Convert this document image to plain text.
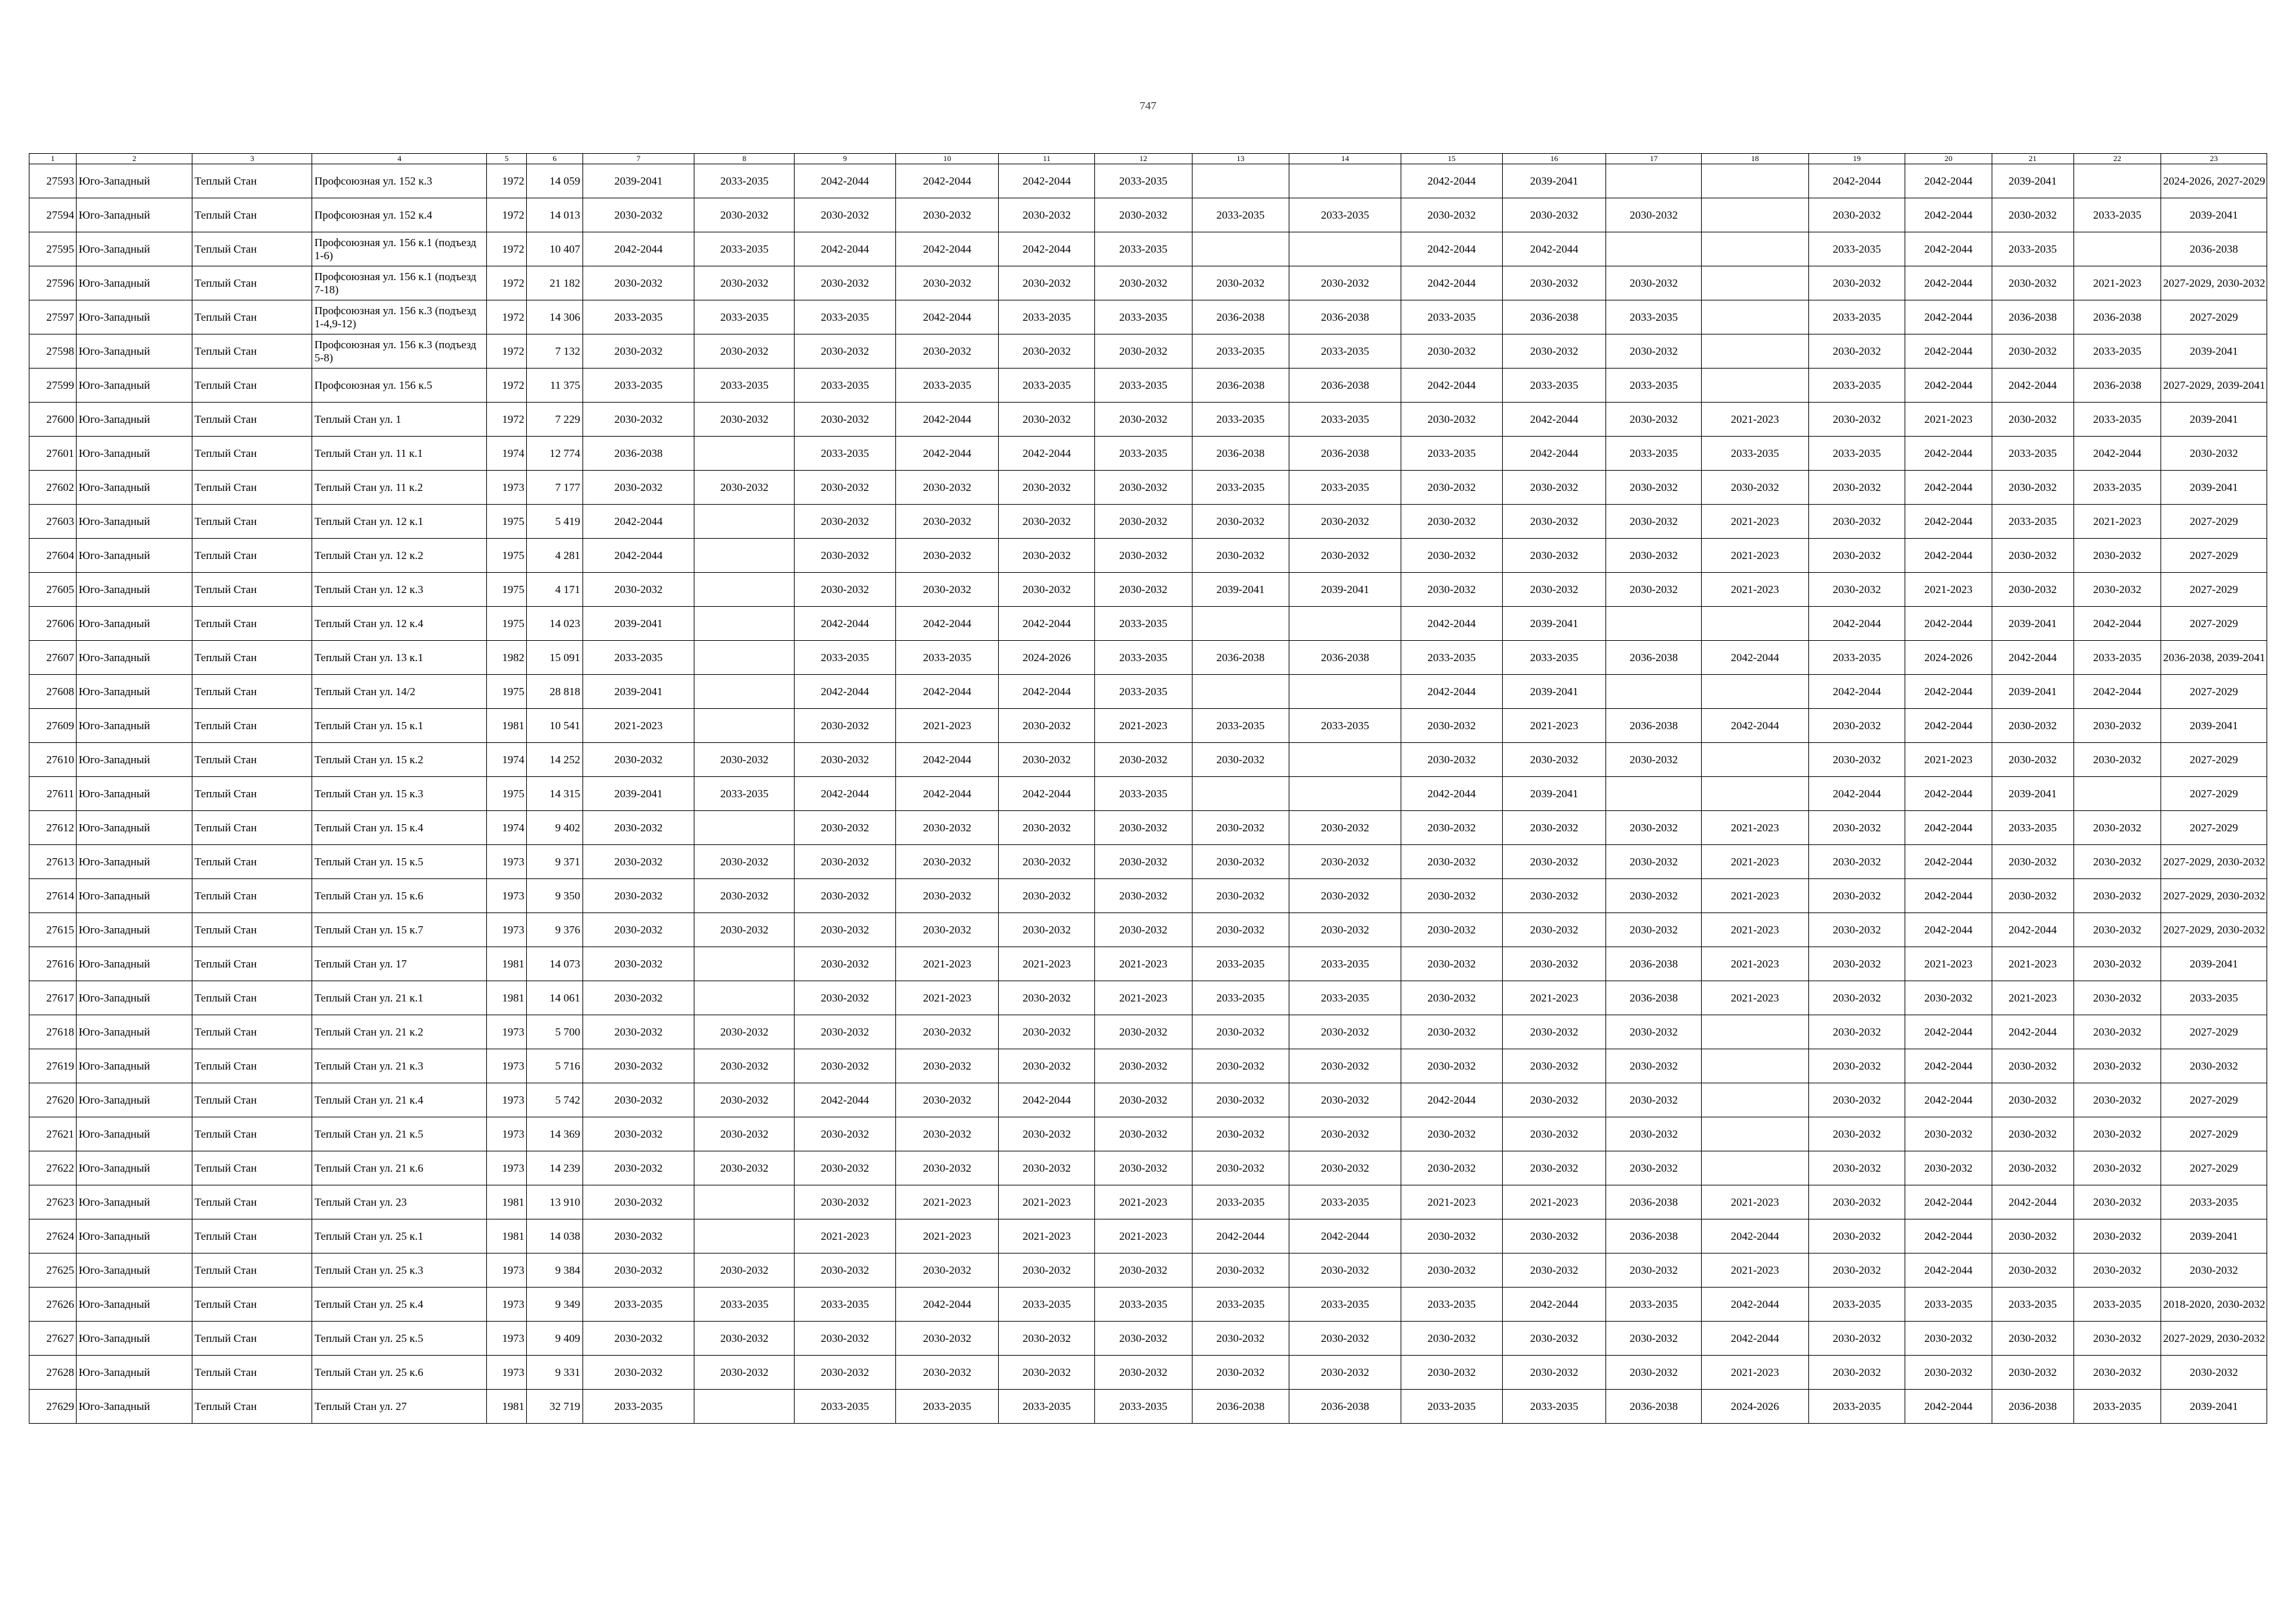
747
1	2	3	4	5	6	7	8	9	10	11	12	13	14	15	16	17	18	19	20	21	22	23
27593	Юго-Западный	Теплый Стан	Профсоюзная ул. 152 к.3	1972	14 059	2039-2041	2033-2035	2042-2044	2042-2044	2042-2044	2033-2035			2042-2044	2039-2041			2042-2044	2042-2044	2039-2041		2024-2026, 2027-2029
27594	Юго-Западный	Теплый Стан	Профсоюзная ул. 152 к.4	1972	14 013	2030-2032	2030-2032	2030-2032	2030-2032	2030-2032	2030-2032	2033-2035	2033-2035	2030-2032	2030-2032	2030-2032		2030-2032	2042-2044	2030-2032	2033-2035	2039-2041
27595	Юго-Западный	Теплый Стан	Профсоюзная ул. 156 к.1 (подъезд 1-6)	1972	10 407	2042-2044	2033-2035	2042-2044	2042-2044	2042-2044	2033-2035			2042-2044	2042-2044			2033-2035	2042-2044	2033-2035		2036-2038
27596	Юго-Западный	Теплый Стан	Профсоюзная ул. 156 к.1 (подъезд 7-18)	1972	21 182	2030-2032	2030-2032	2030-2032	2030-2032	2030-2032	2030-2032	2030-2032	2030-2032	2042-2044	2030-2032	2030-2032		2030-2032	2042-2044	2030-2032	2021-2023	2027-2029, 2030-2032
27597	Юго-Западный	Теплый Стан	Профсоюзная ул. 156 к.3 (подъезд 1-4,9-12)	1972	14 306	2033-2035	2033-2035	2033-2035	2042-2044	2033-2035	2033-2035	2036-2038	2036-2038	2033-2035	2036-2038	2033-2035		2033-2035	2042-2044	2036-2038	2036-2038	2027-2029
27598	Юго-Западный	Теплый Стан	Профсоюзная ул. 156 к.3 (подъезд 5-8)	1972	7 132	2030-2032	2030-2032	2030-2032	2030-2032	2030-2032	2030-2032	2033-2035	2033-2035	2030-2032	2030-2032	2030-2032		2030-2032	2042-2044	2030-2032	2033-2035	2039-2041
27599	Юго-Западный	Теплый Стан	Профсоюзная ул. 156 к.5	1972	11 375	2033-2035	2033-2035	2033-2035	2033-2035	2033-2035	2033-2035	2036-2038	2036-2038	2042-2044	2033-2035	2033-2035		2033-2035	2042-2044	2042-2044	2036-2038	2027-2029, 2039-2041
27600	Юго-Западный	Теплый Стан	Теплый Стан ул. 1	1972	7 229	2030-2032	2030-2032	2030-2032	2042-2044	2030-2032	2030-2032	2033-2035	2033-2035	2030-2032	2042-2044	2030-2032	2021-2023	2030-2032	2021-2023	2030-2032	2033-2035	2039-2041
27601	Юго-Западный	Теплый Стан	Теплый Стан ул. 11 к.1	1974	12 774	2036-2038		2033-2035	2042-2044	2042-2044	2033-2035	2036-2038	2036-2038	2033-2035	2042-2044	2033-2035	2033-2035	2033-2035	2042-2044	2033-2035	2042-2044	2030-2032
27602	Юго-Западный	Теплый Стан	Теплый Стан ул. 11 к.2	1973	7 177	2030-2032	2030-2032	2030-2032	2030-2032	2030-2032	2030-2032	2033-2035	2033-2035	2030-2032	2030-2032	2030-2032	2030-2032	2030-2032	2042-2044	2030-2032	2033-2035	2039-2041
27603	Юго-Западный	Теплый Стан	Теплый Стан ул. 12 к.1	1975	5 419	2042-2044		2030-2032	2030-2032	2030-2032	2030-2032	2030-2032	2030-2032	2030-2032	2030-2032	2030-2032	2021-2023	2030-2032	2042-2044	2033-2035	2021-2023	2027-2029
27604	Юго-Западный	Теплый Стан	Теплый Стан ул. 12 к.2	1975	4 281	2042-2044		2030-2032	2030-2032	2030-2032	2030-2032	2030-2032	2030-2032	2030-2032	2030-2032	2030-2032	2021-2023	2030-2032	2042-2044	2030-2032	2030-2032	2027-2029
27605	Юго-Западный	Теплый Стан	Теплый Стан ул. 12 к.3	1975	4 171	2030-2032		2030-2032	2030-2032	2030-2032	2030-2032	2039-2041	2039-2041	2030-2032	2030-2032	2030-2032	2021-2023	2030-2032	2021-2023	2030-2032	2030-2032	2027-2029
27606	Юго-Западный	Теплый Стан	Теплый Стан ул. 12 к.4	1975	14 023	2039-2041		2042-2044	2042-2044	2042-2044	2033-2035			2042-2044	2039-2041			2042-2044	2042-2044	2039-2041	2042-2044	2027-2029
27607	Юго-Западный	Теплый Стан	Теплый Стан ул. 13 к.1	1982	15 091	2033-2035		2033-2035	2033-2035	2024-2026	2033-2035	2036-2038	2036-2038	2033-2035	2033-2035	2036-2038	2042-2044	2033-2035	2024-2026	2042-2044	2033-2035	2036-2038, 2039-2041
27608	Юго-Западный	Теплый Стан	Теплый Стан ул. 14/2	1975	28 818	2039-2041		2042-2044	2042-2044	2042-2044	2033-2035			2042-2044	2039-2041			2042-2044	2042-2044	2039-2041	2042-2044	2027-2029
27609	Юго-Западный	Теплый Стан	Теплый Стан ул. 15 к.1	1981	10 541	2021-2023		2030-2032	2021-2023	2030-2032	2021-2023	2033-2035	2033-2035	2030-2032	2021-2023	2036-2038	2042-2044	2030-2032	2042-2044	2030-2032	2030-2032	2039-2041
27610	Юго-Западный	Теплый Стан	Теплый Стан ул. 15 к.2	1974	14 252	2030-2032	2030-2032	2030-2032	2042-2044	2030-2032	2030-2032	2030-2032		2030-2032	2030-2032	2030-2032		2030-2032	2021-2023	2030-2032	2030-2032	2027-2029
27611	Юго-Западный	Теплый Стан	Теплый Стан ул. 15 к.3	1975	14 315	2039-2041	2033-2035	2042-2044	2042-2044	2042-2044	2033-2035			2042-2044	2039-2041			2042-2044	2042-2044	2039-2041		2027-2029
27612	Юго-Западный	Теплый Стан	Теплый Стан ул. 15 к.4	1974	9 402	2030-2032		2030-2032	2030-2032	2030-2032	2030-2032	2030-2032	2030-2032	2030-2032	2030-2032	2030-2032	2021-2023	2030-2032	2042-2044	2033-2035	2030-2032	2027-2029
27613	Юго-Западный	Теплый Стан	Теплый Стан ул. 15 к.5	1973	9 371	2030-2032	2030-2032	2030-2032	2030-2032	2030-2032	2030-2032	2030-2032	2030-2032	2030-2032	2030-2032	2030-2032	2021-2023	2030-2032	2042-2044	2030-2032	2030-2032	2027-2029, 2030-2032
27614	Юго-Западный	Теплый Стан	Теплый Стан ул. 15 к.6	1973	9 350	2030-2032	2030-2032	2030-2032	2030-2032	2030-2032	2030-2032	2030-2032	2030-2032	2030-2032	2030-2032	2030-2032	2021-2023	2030-2032	2042-2044	2030-2032	2030-2032	2027-2029, 2030-2032
27615	Юго-Западный	Теплый Стан	Теплый Стан ул. 15 к.7	1973	9 376	2030-2032	2030-2032	2030-2032	2030-2032	2030-2032	2030-2032	2030-2032	2030-2032	2030-2032	2030-2032	2030-2032	2021-2023	2030-2032	2042-2044	2042-2044	2030-2032	2027-2029, 2030-2032
27616	Юго-Западный	Теплый Стан	Теплый Стан ул. 17	1981	14 073	2030-2032		2030-2032	2021-2023	2021-2023	2021-2023	2033-2035	2033-2035	2030-2032	2030-2032	2036-2038	2021-2023	2030-2032	2021-2023	2021-2023	2030-2032	2039-2041
27617	Юго-Западный	Теплый Стан	Теплый Стан ул. 21 к.1	1981	14 061	2030-2032		2030-2032	2021-2023	2030-2032	2021-2023	2033-2035	2033-2035	2030-2032	2021-2023	2036-2038	2021-2023	2030-2032	2030-2032	2021-2023	2030-2032	2033-2035
27618	Юго-Западный	Теплый Стан	Теплый Стан ул. 21 к.2	1973	5 700	2030-2032	2030-2032	2030-2032	2030-2032	2030-2032	2030-2032	2030-2032	2030-2032	2030-2032	2030-2032	2030-2032		2030-2032	2042-2044	2042-2044	2030-2032	2027-2029
27619	Юго-Западный	Теплый Стан	Теплый Стан ул. 21 к.3	1973	5 716	2030-2032	2030-2032	2030-2032	2030-2032	2030-2032	2030-2032	2030-2032	2030-2032	2030-2032	2030-2032	2030-2032		2030-2032	2042-2044	2030-2032	2030-2032	2030-2032
27620	Юго-Западный	Теплый Стан	Теплый Стан ул. 21 к.4	1973	5 742	2030-2032	2030-2032	2042-2044	2030-2032	2042-2044	2030-2032	2030-2032	2030-2032	2042-2044	2030-2032	2030-2032		2030-2032	2042-2044	2030-2032	2030-2032	2027-2029
27621	Юго-Западный	Теплый Стан	Теплый Стан ул. 21 к.5	1973	14 369	2030-2032	2030-2032	2030-2032	2030-2032	2030-2032	2030-2032	2030-2032	2030-2032	2030-2032	2030-2032	2030-2032		2030-2032	2030-2032	2030-2032	2030-2032	2027-2029
27622	Юго-Западный	Теплый Стан	Теплый Стан ул. 21 к.6	1973	14 239	2030-2032	2030-2032	2030-2032	2030-2032	2030-2032	2030-2032	2030-2032	2030-2032	2030-2032	2030-2032	2030-2032		2030-2032	2030-2032	2030-2032	2030-2032	2027-2029
27623	Юго-Западный	Теплый Стан	Теплый Стан ул. 23	1981	13 910	2030-2032		2030-2032	2021-2023	2021-2023	2021-2023	2033-2035	2033-2035	2021-2023	2021-2023	2036-2038	2021-2023	2030-2032	2042-2044	2042-2044	2030-2032	2033-2035
27624	Юго-Западный	Теплый Стан	Теплый Стан ул. 25 к.1	1981	14 038	2030-2032		2021-2023	2021-2023	2021-2023	2021-2023	2042-2044	2042-2044	2030-2032	2030-2032	2036-2038	2042-2044	2030-2032	2042-2044	2030-2032	2030-2032	2039-2041
27625	Юго-Западный	Теплый Стан	Теплый Стан ул. 25 к.3	1973	9 384	2030-2032	2030-2032	2030-2032	2030-2032	2030-2032	2030-2032	2030-2032	2030-2032	2030-2032	2030-2032	2030-2032	2021-2023	2030-2032	2042-2044	2030-2032	2030-2032	2030-2032
27626	Юго-Западный	Теплый Стан	Теплый Стан ул. 25 к.4	1973	9 349	2033-2035	2033-2035	2033-2035	2042-2044	2033-2035	2033-2035	2033-2035	2033-2035	2033-2035	2042-2044	2033-2035	2042-2044	2033-2035	2033-2035	2033-2035	2033-2035	2018-2020, 2030-2032
27627	Юго-Западный	Теплый Стан	Теплый Стан ул. 25 к.5	1973	9 409	2030-2032	2030-2032	2030-2032	2030-2032	2030-2032	2030-2032	2030-2032	2030-2032	2030-2032	2030-2032	2030-2032	2042-2044	2030-2032	2030-2032	2030-2032	2030-2032	2027-2029, 2030-2032
27628	Юго-Западный	Теплый Стан	Теплый Стан ул. 25 к.6	1973	9 331	2030-2032	2030-2032	2030-2032	2030-2032	2030-2032	2030-2032	2030-2032	2030-2032	2030-2032	2030-2032	2030-2032	2021-2023	2030-2032	2030-2032	2030-2032	2030-2032	2030-2032
27629	Юго-Западный	Теплый Стан	Теплый Стан ул. 27	1981	32 719	2033-2035		2033-2035	2033-2035	2033-2035	2033-2035	2036-2038	2036-2038	2033-2035	2033-2035	2036-2038	2024-2026	2033-2035	2042-2044	2036-2038	2033-2035	2039-2041
